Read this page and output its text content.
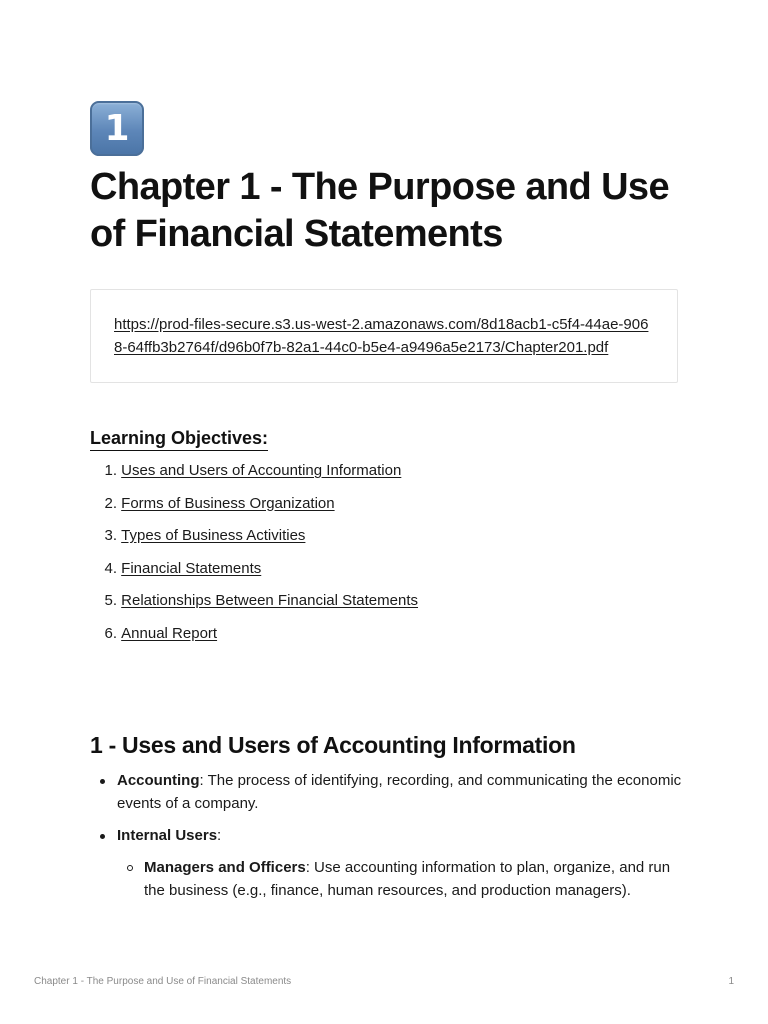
1
Chapter 1 - The Purpose and Use of Financial Statements
https://prod-files-secure.s3.us-west-2.amazonaws.com/8d18acb1-c5f4-44ae-9068-64ffb3b2764f/d96b0f7b-82a1-44c0-b5e4-a9496a5e2173/Chapter201.pdf
Learning Objectives:
1.
Uses and Users of Accounting Information
2.
Forms of Business Organization
3.
Types of Business Activities
4.
Financial Statements
5.
Relationships Between Financial Statements
6.
Annual Report
1 - Uses and Users of Accounting Information
Accounting: The process of identifying, recording, and communicating the economic events of a company.
Internal Users:
Managers and Officers: Use accounting information to plan, organize, and run the business (e.g., finance, human resources, and production managers).
Chapter 1 - The Purpose and Use of Financial Statements	1
